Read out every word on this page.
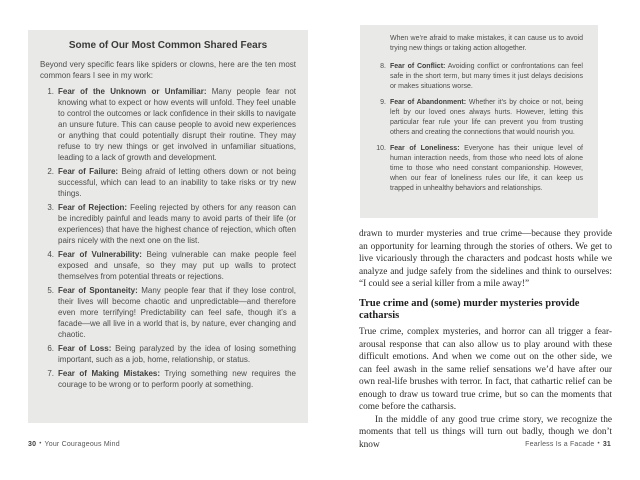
Some of Our Most Common Shared Fears

Beyond very specific fears like spiders or clowns, here are the ten most common fears I see in my work:

1. Fear of the Unknown or Unfamiliar: Many people fear not knowing what to expect or how events will unfold. They feel unable to control the outcomes or lack confidence in their skills to navigate an unsure future. This can cause people to avoid new experiences or anything that could potentially disrupt their routine. They may refuse to try new things or get involved in unfamiliar situations, leading to a lack of growth and development.
2. Fear of Failure: Being afraid of letting others down or not being successful, which can lead to an inability to take risks or try new things.
3. Fear of Rejection: Feeling rejected by others for any reason can be incredibly painful and leads many to avoid parts of their life (or experiences) that have the highest chance of rejection, which often pairs nicely with the next one on the list.
4. Fear of Vulnerability: Being vulnerable can make people feel exposed and unsafe, so they may put up walls to protect themselves from potential threats or rejections.
5. Fear of Spontaneity: Many people fear that if they lose control, their lives will become chaotic and unpredictable—and therefore even more terrifying! Predictability can feel safe, though it’s a facade—we all live in a world that is, by nature, ever changing and chaotic.
6. Fear of Loss: Being paralyzed by the idea of losing something important, such as a job, home, relationship, or status.
7. Fear of Making Mistakes: Trying something new requires the courage to be wrong or to perform poorly at something.
30 • Your Courageous Mind

When we’re afraid to make mistakes, it can cause us to avoid trying new things or taking action altogether.

8. Fear of Conflict: Avoiding conflict or confrontations can feel safe in the short term, but many times it just delays decisions or makes situations worse.
9. Fear of Abandonment: Whether it’s by choice or not, being left by our loved ones always hurts. However, letting this particular fear rule your life can prevent you from trusting others and creating the connections that would nourish you.
10. Fear of Loneliness: Everyone has their unique level of human interaction needs, from those who need lots of alone time to those who need constant companionship. However, when our fear of loneliness rules our life, it can keep us trapped in unhealthy behaviors and relationships.

drawn to murder mysteries and true crime—because they provide an opportunity for learning through the stories of others. We get to live vicariously through the characters and podcast hosts while we analyze and judge safely from the sidelines and think to ourselves: “I could see a serial killer from a mile away!”

True crime and (some) murder mysteries provide catharsis

True crime, complex mysteries, and horror can all trigger a fear-arousal response that can also allow us to play around with these difficult emotions. And when we come out on the other side, we can feel awash in the same relief sensations we’d have after our own real-life brushes with terror. In fact, that cathartic relief can be enough to draw us toward true crime, but so can the moments that come before the catharsis.

In the middle of any good true crime story, we recognize the moments that tell us things will turn out badly, though we don’t know	Fearless Is a Facade • 31
